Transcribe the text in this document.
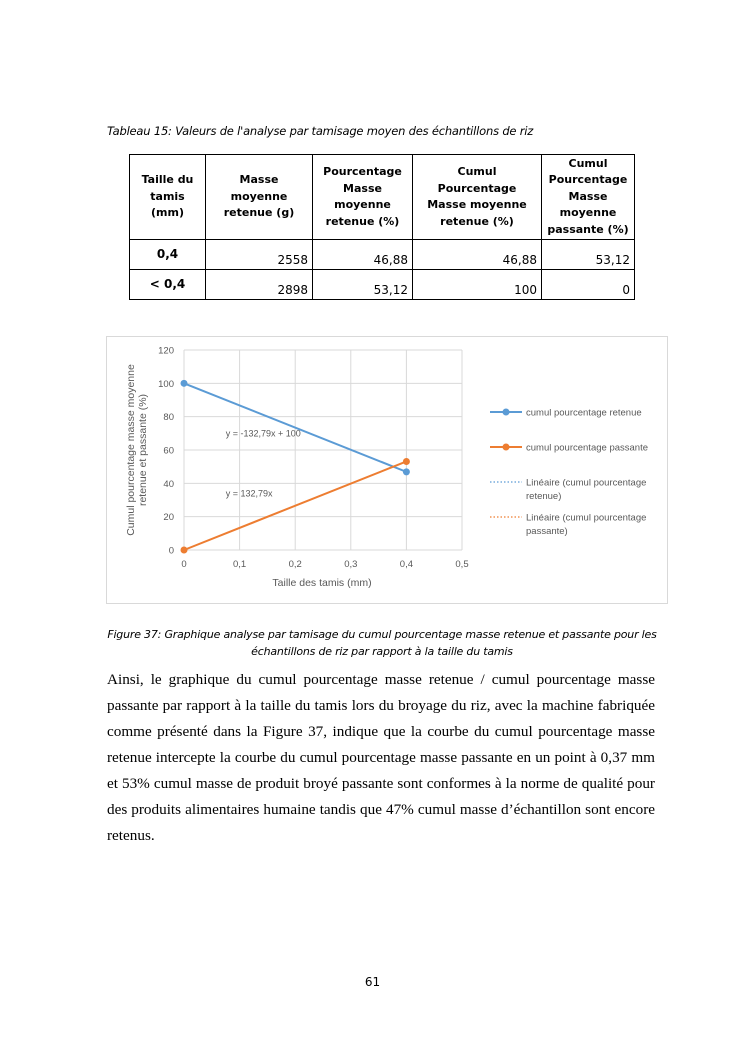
Tableau 15: Valeurs de l'analyse par tamisage moyen des échantillons de riz
Taille du tamis (mm)	Masse moyenne retenue (g)	Pourcentage Masse moyenne retenue (%)	Cumul Pourcentage Masse moyenne retenue (%)	Cumul Pourcentage Masse moyenne passante (%)
0,4	2558	46,88	46,88	53,12
< 0,4	2898	53,12	100	0
0
20
40
60
80
100
120
0	0,1	0,2	0,3	0,4	0,5
Taille des tamis (mm)
Cumul pourcentage masse moyenneretenue et passante (%)	y = -132,79x + 100
y = 132,79x
cumul pourcentage retenue
cumul pourcentage passante
Linéaire (cumul pourcentage retenue)
Linéaire (cumul pourcentage passante)
Figure 37: Graphique analyse par tamisage du cumul pourcentage masse retenue et passante pour les échantillons de riz par rapport à la taille du tamis
Ainsi, le graphique du cumul pourcentage masse retenue / cumul pourcentage masse passante par rapport à la taille du tamis lors du broyage du riz, avec la machine fabriquée comme présenté dans la Figure 37, indique que la courbe du cumul pourcentage masse retenue intercepte la courbe du cumul pourcentage masse passante en un point à 0,37 mm et 53% cumul masse de produit broyé passante sont conformes à la norme de qualité pour des produits alimentaires humaine tandis que 47% cumul masse d’échantillon sont encore retenus.
61
